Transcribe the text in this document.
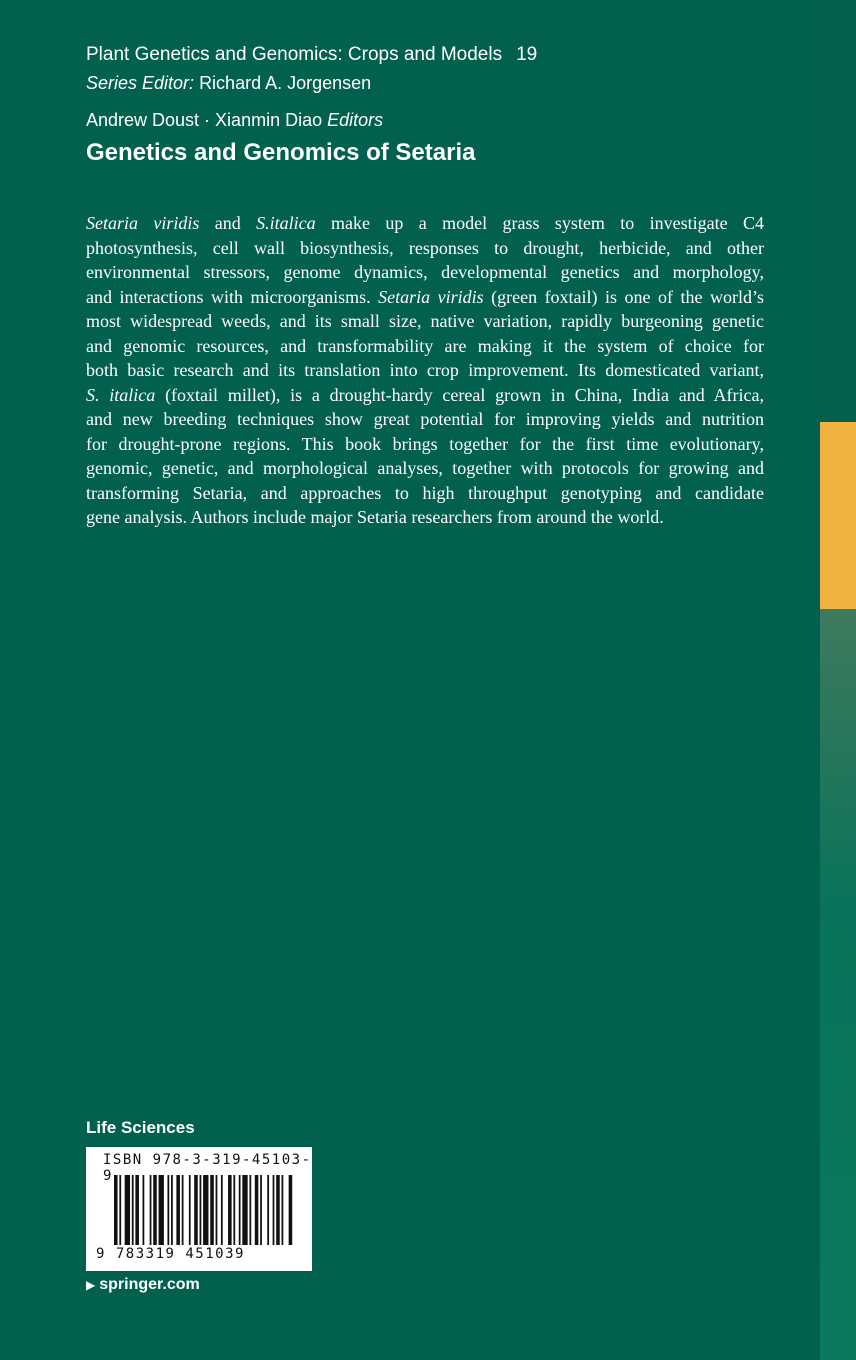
Plant Genetics and Genomics: Crops and Models 19
Series Editor: Richard A. Jorgensen
Andrew Doust · Xianmin Diao Editors
Genetics and Genomics of Setaria
Setaria viridis and S.italica make up a model grass system to investigate C4
photosynthesis, cell wall biosynthesis, responses to drought, herbicide, and other
environmental stressors, genome dynamics, developmental genetics and morphology,
and interactions with microorganisms. Setaria viridis (green foxtail) is one of the world’s
most widespread weeds, and its small size, native variation, rapidly burgeoning genetic
and genomic resources, and transformability are making it the system of choice for
both basic research and its translation into crop improvement. Its domesticated variant,
S. italica (foxtail millet), is a drought-hardy cereal grown in China, India and Africa,
and new breeding techniques show great potential for improving yields and nutrition
for drought-prone regions. This book brings together for the first time evolutionary,
genomic, genetic, and morphological analyses, together with protocols for growing and
transforming Setaria, and approaches to high throughput genotyping and candidate
gene analysis. Authors include major Setaria researchers from around the world.
Life Sciences
ISBN 978-3-319-45103-9
9 783319 451039
▶ springer.com
